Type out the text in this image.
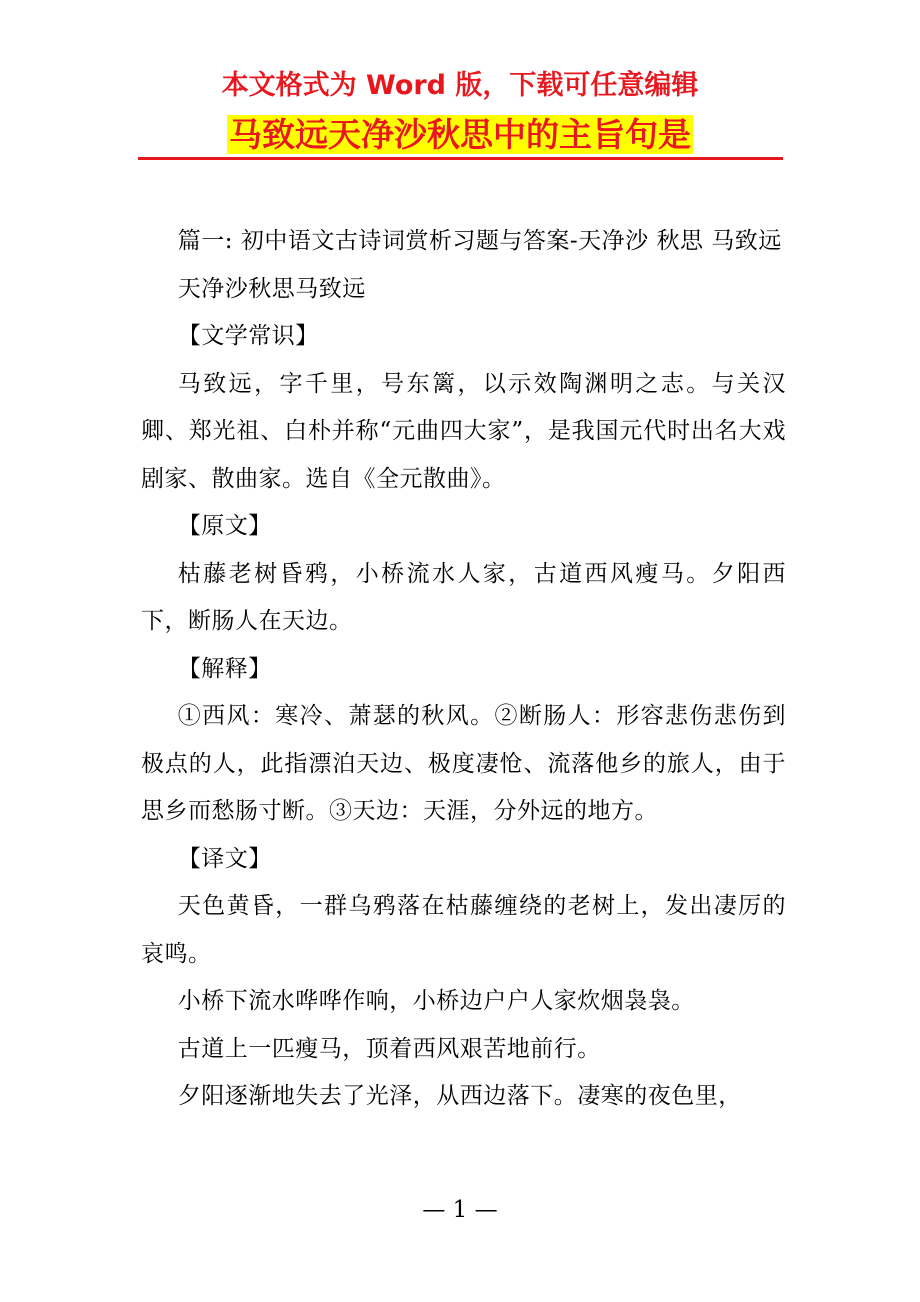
本文格式为 Word 版，下载可任意编辑
马致远天净沙秋思中的主旨句是

篇一: 初中语文古诗词赏析习题与答案-天净沙 秋思 马致远

天净沙秋思马致远

【文学常识】

马致远，字千里，号东篱，以示效陶渊明之志。与关汉卿、郑光祖、白朴并称“元曲四大家”，是我国元代时出名大戏剧家、散曲家。选自《全元散曲》。

【原文】

枯藤老树昏鸦，小桥流水人家，古道西风瘦马。夕阳西下，断肠人在天边。

【解释】

①西风：寒冷、萧瑟的秋风。②断肠人：形容悲伤悲伤到极点的人，此指漂泊天边、极度凄怆、流落他乡的旅人，由于思乡而愁肠寸断。③天边：天涯，分外远的地方。

【译文】

天色黄昏，一群乌鸦落在枯藤缠绕的老树上，发出凄厉的哀鸣。

小桥下流水哗哗作响，小桥边户户人家炊烟袅袅。

古道上一匹瘦马，顶着西风艰苦地前行。

夕阳逐渐地失去了光泽，从西边落下。凄寒的夜色里，

— 1 —
